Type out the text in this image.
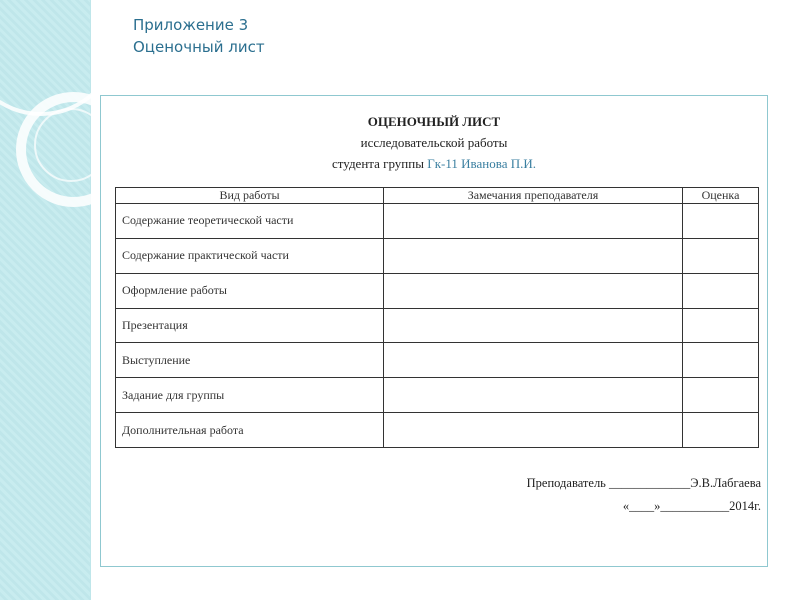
Приложение 3
Оценочный лист
ОЦЕНОЧНЫЙ ЛИСТ
исследовательской работы
студента группы Гк-11 Иванова П.И.
Вид работы	Замечания преподавателя	Оценка
Содержание теоретической части		
Содержание практической части		
Оформление работы		
Презентация		
Выступление		
Задание для группы		
Дополнительная работа		
Преподаватель _____________Э.В.Лабгаева
«____»___________2014г.
